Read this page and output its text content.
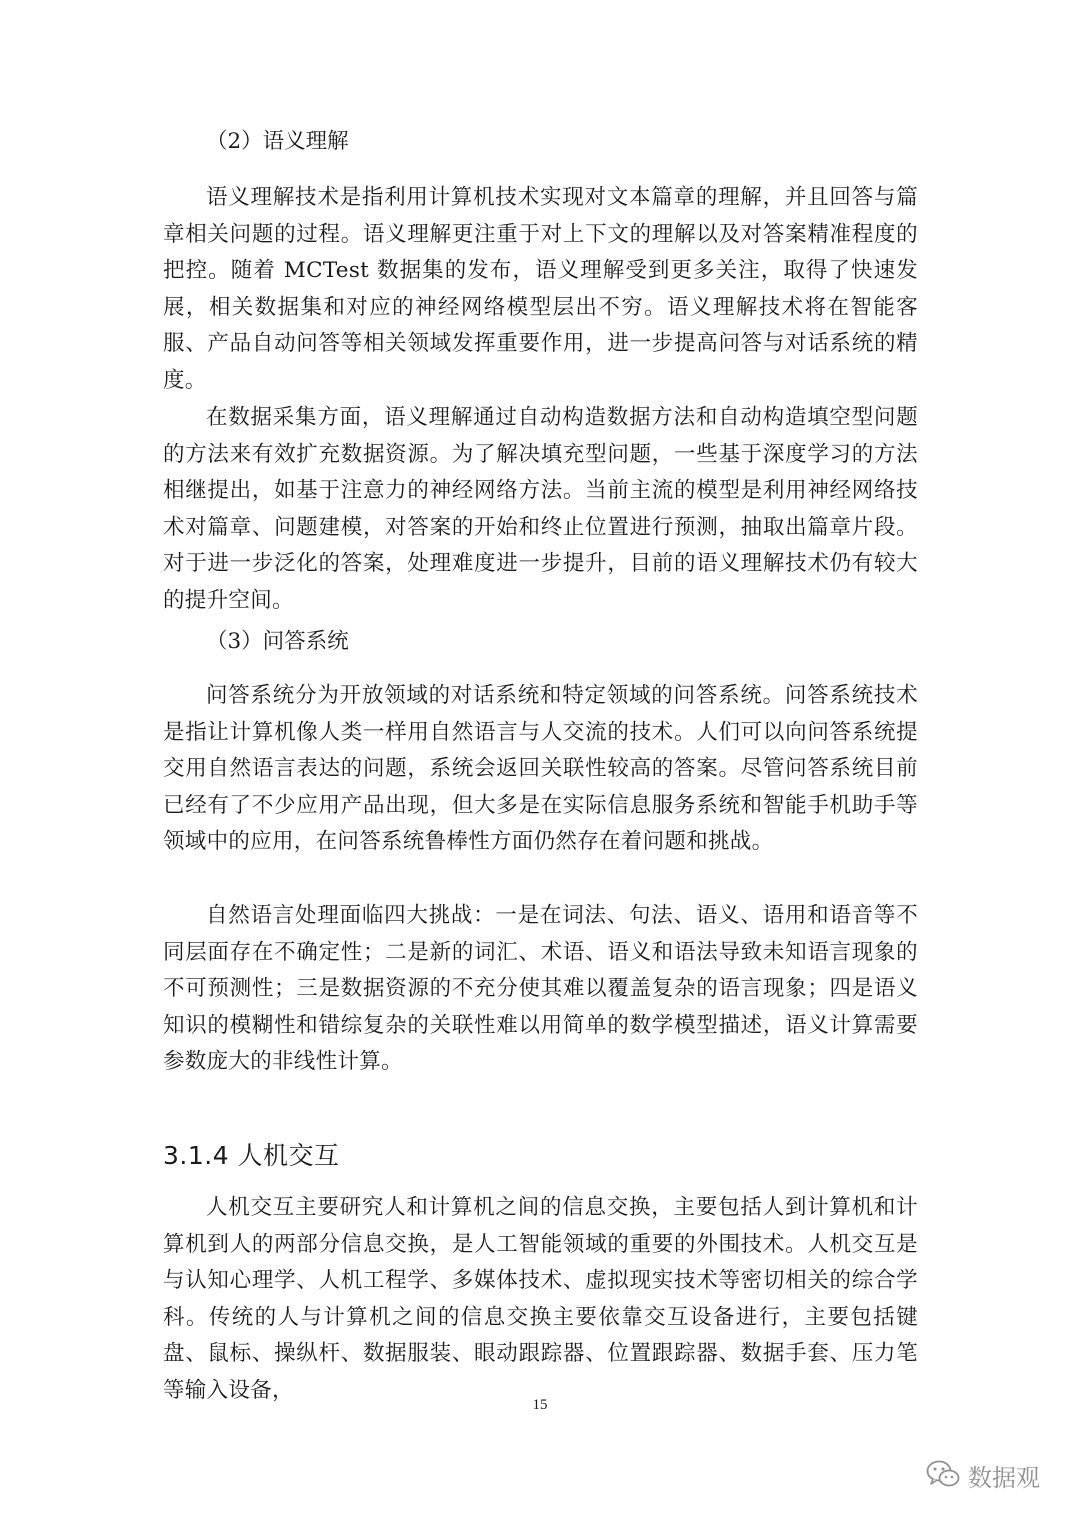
（2）语义理解

语义理解技术是指利用计算机技术实现对文本篇章的理解，并且回答与篇章相关问题的过程。语义理解更注重于对上下文的理解以及对答案精准程度的把控。随着 MCTest 数据集的发布，语义理解受到更多关注，取得了快速发展，相关数据集和对应的神经网络模型层出不穷。语义理解技术将在智能客服、产品自动问答等相关领域发挥重要作用，进一步提高问答与对话系统的精度。

在数据采集方面，语义理解通过自动构造数据方法和自动构造填空型问题的方法来有效扩充数据资源。为了解决填充型问题，一些基于深度学习的方法相继提出，如基于注意力的神经网络方法。当前主流的模型是利用神经网络技术对篇章、问题建模，对答案的开始和终止位置进行预测，抽取出篇章片段。对于进一步泛化的答案，处理难度进一步提升，目前的语义理解技术仍有较大的提升空间。

（3）问答系统

问答系统分为开放领域的对话系统和特定领域的问答系统。问答系统技术是指让计算机像人类一样用自然语言与人交流的技术。人们可以向问答系统提交用自然语言表达的问题，系统会返回关联性较高的答案。尽管问答系统目前已经有了不少应用产品出现，但大多是在实际信息服务系统和智能手机助手等领域中的应用，在问答系统鲁棒性方面仍然存在着问题和挑战。

自然语言处理面临四大挑战：一是在词法、句法、语义、语用和语音等不同层面存在不确定性；二是新的词汇、术语、语义和语法导致未知语言现象的不可预测性；三是数据资源的不充分使其难以覆盖复杂的语言现象；四是语义知识的模糊性和错综复杂的关联性难以用简单的数学模型描述，语义计算需要参数庞大的非线性计算。

3.1.4 人机交互

人机交互主要研究人和计算机之间的信息交换，主要包括人到计算机和计算机到人的两部分信息交换，是人工智能领域的重要的外围技术。人机交互是与认知心理学、人机工程学、多媒体技术、虚拟现实技术等密切相关的综合学科。传统的人与计算机之间的信息交换主要依靠交互设备进行，主要包括键盘、鼠标、操纵杆、数据服装、眼动跟踪器、位置跟踪器、数据手套、压力笔等输入设备，

15
数据观
